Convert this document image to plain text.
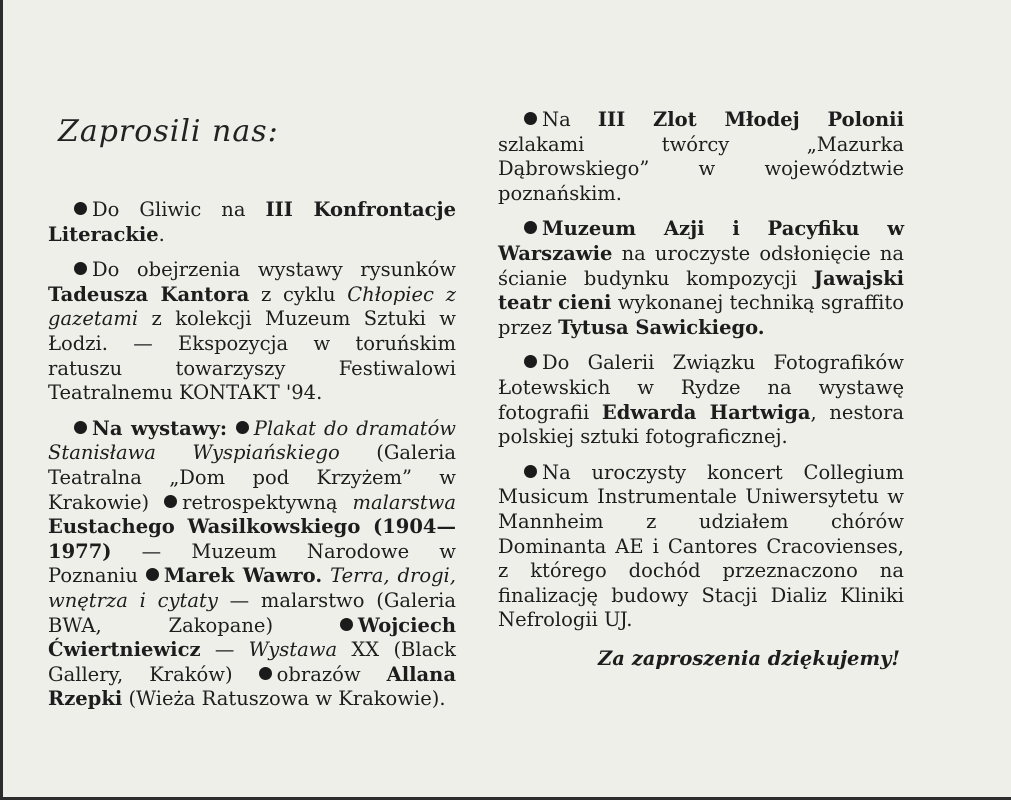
Zaprosili nas:

Do Gliwic na III Konfrontacje Literackie.

Do obejrzenia wystawy rysunków Tadeusza Kantora z cyklu Chłopiec z gazetami z kolekcji Muzeum Sztuki w Łodzi. — Ekspozycja w toruńskim ratuszu towarzyszy Festiwalowi Teatralnemu KONTAKT '94.

Na wystawy: Plakat do dramatów Stanisława Wyspiańskiego (Galeria Teatralna „Dom pod Krzyżem” w Krakowie) retrospektywną malarstwa Eustachego Wasilkowskiego (1904—1977) — Muzeum Narodowe w Poznaniu Marek Wawro. Terra, drogi, wnętrza i cytaty — malarstwo (Galeria BWA, Zakopane) Wojciech Ćwiertniewicz — Wystawa XX (Black Gallery, Kraków) obrazów Allana Rzepki (Wieża Ratuszowa w Krakowie).

Na III Zlot Młodej Polonii szlakami twórcy „Mazurka Dąbrowskiego” w województwie poznańskim.

Muzeum Azji i Pacyfiku w Warszawie na uroczyste odsłonięcie na ścianie budynku kompozycji Jawajski teatr cieni wykonanej techniką sgraffito przez Tytusa Sawickiego.

Do Galerii Związku Fotografików Łotewskich w Rydze na wystawę fotografii Edwarda Hartwiga, nestora polskiej sztuki fotograficznej.

Na uroczysty koncert Collegium Musicum Instrumentale Uniwersytetu w Mannheim z udziałem chórów Dominanta AE i Cantores Cracovienses, z którego dochód przeznaczono na finalizację budowy Stacji Dializ Kliniki Nefrologii UJ.

Za zaproszenia dziękujemy!
